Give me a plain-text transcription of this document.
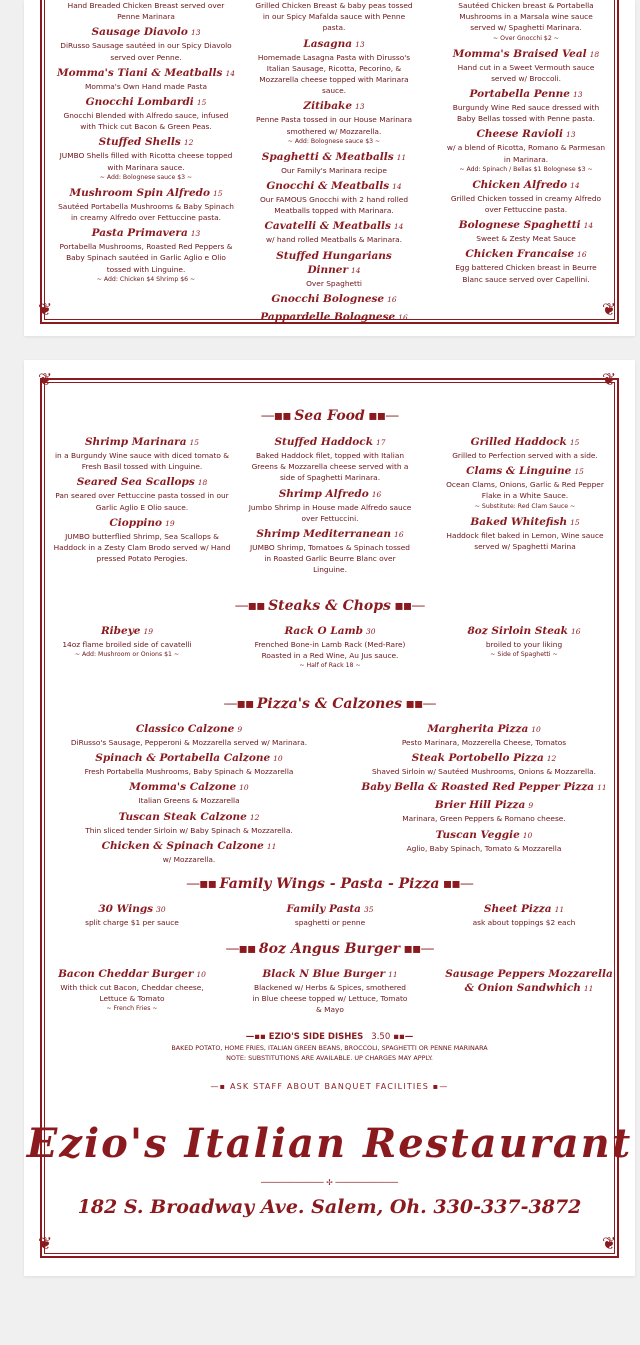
❦	❦
Hand Breaded Chicken Breast served over Penne Marinara
Sausage Diavolo 13
DiRusso Sausage sautéed in our Spicy Diavolo served over Penne.
Momma's Tiani & Meatballs 14
Momma's Own Hand made Pasta
Gnocchi Lombardi 15
Gnocchi Blended with Alfredo sauce, infused with Thick cut Bacon & Green Peas.
Stuffed Shells 12
JUMBO Shells filled with Ricotta cheese topped with Marinara sauce.
~ Add: Bolognese sauce $3 ~
Mushroom Spin Alfredo 15
Sautéed Portabella Mushrooms & Baby Spinach in creamy Alfredo over Fettuccine pasta.
Pasta Primavera 13
Portabella Mushrooms, Roasted Red Peppers & Baby Spinach sautéed in Garlic Aglio e Olio tossed with Linguine.
~ Add: Chicken $4 Shrimp $6 ~
Grilled Chicken Breast & baby peas tossed in our Spicy Mafalda sauce with Penne pasta.
Lasagna 13
Homemade Lasagna Pasta with Dirusso's Italian Sausage, Ricotta, Pecorino, & Mozzarella cheese topped with Marinara sauce.
Zitibake 13
Penne Pasta tossed in our House Marinara smothered w/ Mozzarella.
~ Add: Bolognese sauce $3 ~
Spaghetti & Meatballs 11
Our Family's Marinara recipe
Gnocchi & Meatballs 14
Our FAMOUS Gnocchi with 2 hand rolled Meatballs topped with Marinara.
Cavatelli & Meatballs 14
w/ hand rolled Meatballs & Marinara.
Stuffed Hungarians Dinner 14
Over Spaghetti
Gnocchi Bolognese 16
Pappardelle Bolognese 16
Sautéed Chicken breast & Portabella Mushrooms in a Marsala wine sauce served w/ Spaghetti Marinara.
~ Over Gnocchi $2 ~
Momma's Braised Veal 18
Hand cut in a Sweet Vermouth sauce served w/ Broccoli.
Portabella Penne 13
Burgundy Wine Red sauce dressed with Baby Bellas tossed with Penne pasta.
Cheese Ravioli 13
w/ a blend of Ricotta, Romano & Parmesan in Marinara.
~ Add: Spinach / Bellas $1 Bolognese $3 ~
Chicken Alfredo 14
Grilled Chicken tossed in creamy Alfredo over Fettuccine pasta.
Bolognese Spaghetti 14
Sweet & Zesty Meat Sauce
Chicken Francaise 16
Egg battered Chicken breast in Beurre Blanc sauce served over Capellini.
❦	❦
❦	❦
—▪▪ Sea Food ▪▪—
Shrimp Marinara 15
in a Burgundy Wine sauce with diced tomato & Fresh Basil tossed with Linguine.
Seared Sea Scallops 18
Pan seared over Fettuccine pasta tossed in our Garlic Aglio E Olio sauce.
Cioppino 19
JUMBO butterflied Shrimp, Sea Scallops & Haddock in a Zesty Clam Brodo served w/ Hand pressed Potato Perogies.
Stuffed Haddock 17
Baked Haddock filet, topped with Italian Greens & Mozzarella cheese served with a side of Spaghetti Marinara.
Shrimp Alfredo 16
Jumbo Shrimp in House made Alfredo sauce over Fettuccini.
Shrimp Mediterranean 16
JUMBO Shrimp, Tomatoes & Spinach tossed in Roasted Garlic Beurre Blanc over Linguine.
Grilled Haddock 15
Grilled to Perfection served with a side.
Clams & Linguine 15
Ocean Clams, Onions, Garlic & Red Pepper Flake in a White Sauce.
~ Substitute: Red Clam Sauce ~
Baked Whitefish 15
Haddock filet baked in Lemon, Wine sauce served w/ Spaghetti Marina
—▪▪ Steaks & Chops ▪▪—
Ribeye 19
14oz flame broiled side of cavatelli
~ Add: Mushroom or Onions $1 ~
Rack O Lamb 30
Frenched Bone-in Lamb Rack (Med-Rare) Roasted in a Red Wine, Au Jus sauce.
~ Half of Rack 18 ~
8oz Sirloin Steak 16
broiled to your liking
~ Side of Spaghetti ~
—▪▪ Pizza's & Calzones ▪▪—
Classico Calzone 9
DiRusso's Sausage, Pepperoni & Mozzarella served w/ Marinara.
Spinach & Portabella Calzone 10
Fresh Portabella Mushrooms, Baby Spinach & Mozzarella
Momma's Calzone 10
Italian Greens & Mozzarella
Tuscan Steak Calzone 12
Thin sliced tender Sirloin w/ Baby Spinach & Mozzarella.
Chicken & Spinach Calzone 11
w/ Mozzarella.
Margherita Pizza 10
Pesto Marinara, Mozzerella Cheese, Tomatos
Steak Portobello Pizza 12
Shaved Sirloin w/ Sautéed Mushrooms, Onions & Mozzarella.
Baby Bella & Roasted Red Pepper Pizza 11
Brier Hill Pizza 9
Marinara, Green Peppers & Romano cheese.
Tuscan Veggie 10
Aglio, Baby Spinach, Tomato & Mozzarella
—▪▪ Family Wings - Pasta - Pizza ▪▪—
30 Wings 30
split charge $1 per sauce
Family Pasta 35
spaghetti or penne
Sheet Pizza 11
ask about toppings $2 each
—▪▪ 8oz Angus Burger ▪▪—
Bacon Cheddar Burger 10
With thick cut Bacon, Cheddar cheese, Lettuce & Tomato
~ French Fries ~
Black N Blue Burger 11
Blackened w/ Herbs & Spices, smothered in Blue cheese topped w/ Lettuce, Tomato & Mayo
Sausage Peppers Mozzarella & Onion Sandwhich 11
—▪▪ EZIO'S SIDE DISHES 3.50 ▪▪—
BAKED POTATO, HOME FRIES, ITALIAN GREEN BEANS, BROCCOLI, SPAGHETTI OR PENNE MARINARA
NOTE: SUBSTITUTIONS ARE AVAILABLE. UP CHARGES MAY APPLY.
—▪ ASK STAFF ABOUT BANQUET FACILITIES ▪—
Ezio's Italian Restaurant
───────────── ✢ ─────────────
182 S. Broadway Ave. Salem, Oh. 330-337-3872
